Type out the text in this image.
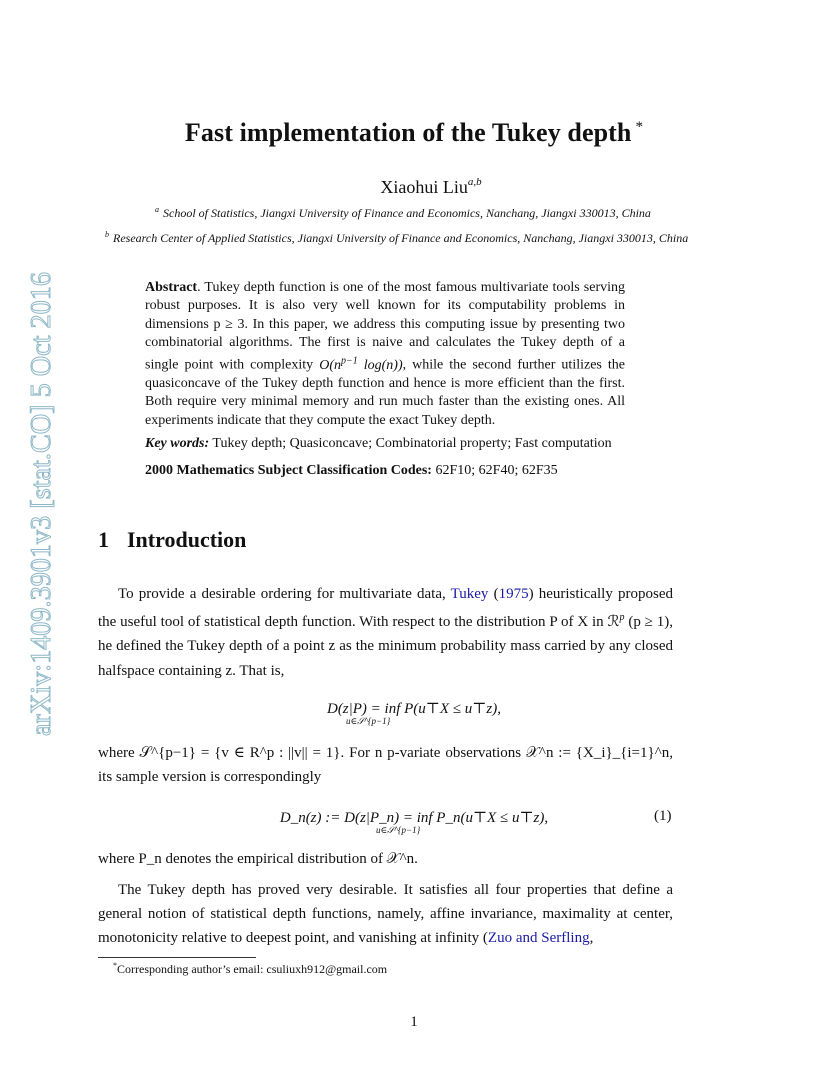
arXiv:1409.3901v3 [stat.CO] 5 Oct 2016
Fast implementation of the Tukey depth *
Xiaohui Liu$^{a,b}$
$^a$ School of Statistics, Jiangxi University of Finance and Economics, Nanchang, Jiangxi 330013, China
$^b$ Research Center of Applied Statistics, Jiangxi University of Finance and Economics, Nanchang, Jiangxi 330013, China

Abstract. Tukey depth function is one of the most famous multivariate tools serving robust purposes. It is also very well known for its computability problems in dimensions p ≥ 3. In this paper, we address this computing issue by presenting two combinatorial algorithms. The first is naive and calculates the Tukey depth of a single point with complexity $O(n^{p-1}$ log(n)), while the second further utilizes the quasiconcave of the Tukey depth function and hence is more efficient than the first. Both require very minimal memory and run much faster than the existing ones. All experiments indicate that they compute the exact Tukey depth.

Key words: Tukey depth; Quasiconcave; Combinatorial property; Fast computation

2000 Mathematics Subject Classification Codes: 62F10; 62F40; 62F35

1 Introduction

To provide a desirable ordering for multivariate data, Tukey (1975) heuristically proposed the useful tool of statistical depth function. With respect to the distribution P of X in ℛ$^p$ (p ≥ 1), he defined the Tukey depth of a point z as the minimum probability mass carried by any closed halfspace containing z. That is,

D(z|P) = inf P(u⊤X ≤ u⊤z),
u∈𝒮^{p−1}

where 𝒮^{p−1} = {v ∈ R^p : ||v|| = 1}. For n p-variate observations 𝒳^n := {X_i}_{i=1}^n, its sample version is correspondingly

D_n(z) := D(z|P_n) = inf P_n(u⊤X ≤ u⊤z),
u∈𝒮^{p−1}
(1)

where P_n denotes the empirical distribution of 𝒳^n.

The Tukey depth has proved very desirable. It satisfies all four properties that define a general notion of statistical depth functions, namely, affine invariance, maximality at center, monotonicity relative to deepest point, and vanishing at infinity (Zuo and Serfling,

*Corresponding author’s email: csuliuxh912@gmail.com
1
